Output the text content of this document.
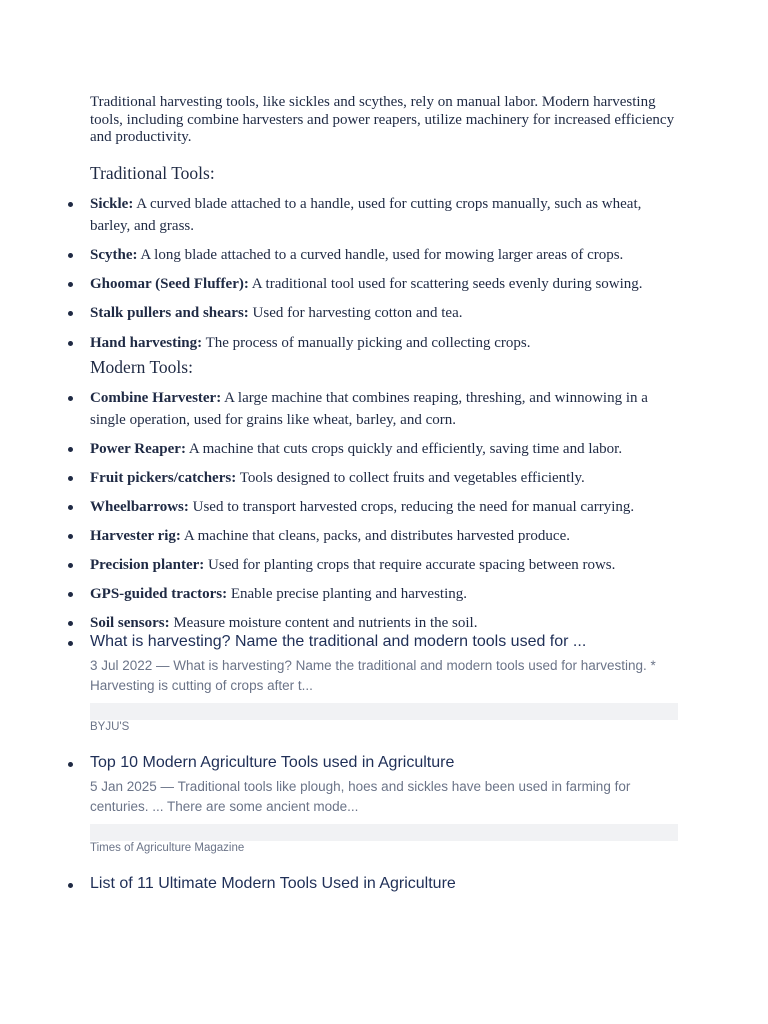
Traditional harvesting tools, like sickles and scythes, rely on manual labor. Modern harvesting tools, including combine harvesters and power reapers, utilize machinery for increased efficiency and productivity.

Traditional Tools:
Sickle: A curved blade attached to a handle, used for cutting crops manually, such as wheat, barley, and grass.
Scythe: A long blade attached to a curved handle, used for mowing larger areas of crops.
Ghoomar (Seed Fluffer): A traditional tool used for scattering seeds evenly during sowing.
Stalk pullers and shears: Used for harvesting cotton and tea.
Hand harvesting: The process of manually picking and collecting crops.
Modern Tools:
Combine Harvester: A large machine that combines reaping, threshing, and winnowing in a single operation, used for grains like wheat, barley, and corn.
Power Reaper: A machine that cuts crops quickly and efficiently, saving time and labor.
Fruit pickers/catchers: Tools designed to collect fruits and vegetables efficiently.
Wheelbarrows: Used to transport harvested crops, reducing the need for manual carrying.
Harvester rig: A machine that cleans, packs, and distributes harvested produce.
Precision planter: Used for planting crops that require accurate spacing between rows.
GPS-guided tractors: Enable precise planting and harvesting.
Soil sensors: Measure moisture content and nutrients in the soil.
What is harvesting? Name the traditional and modern tools used for ...
3 Jul 2022 — What is harvesting? Name the traditional and modern tools used for harvesting. * Harvesting is cutting of crops after t...
BYJU'S
Top 10 Modern Agriculture Tools used in Agriculture
5 Jan 2025 — Traditional tools like plough, hoes and sickles have been used in farming for centuries. ... There are some ancient mode...
Times of Agriculture Magazine
List of 11 Ultimate Modern Tools Used in Agriculture
